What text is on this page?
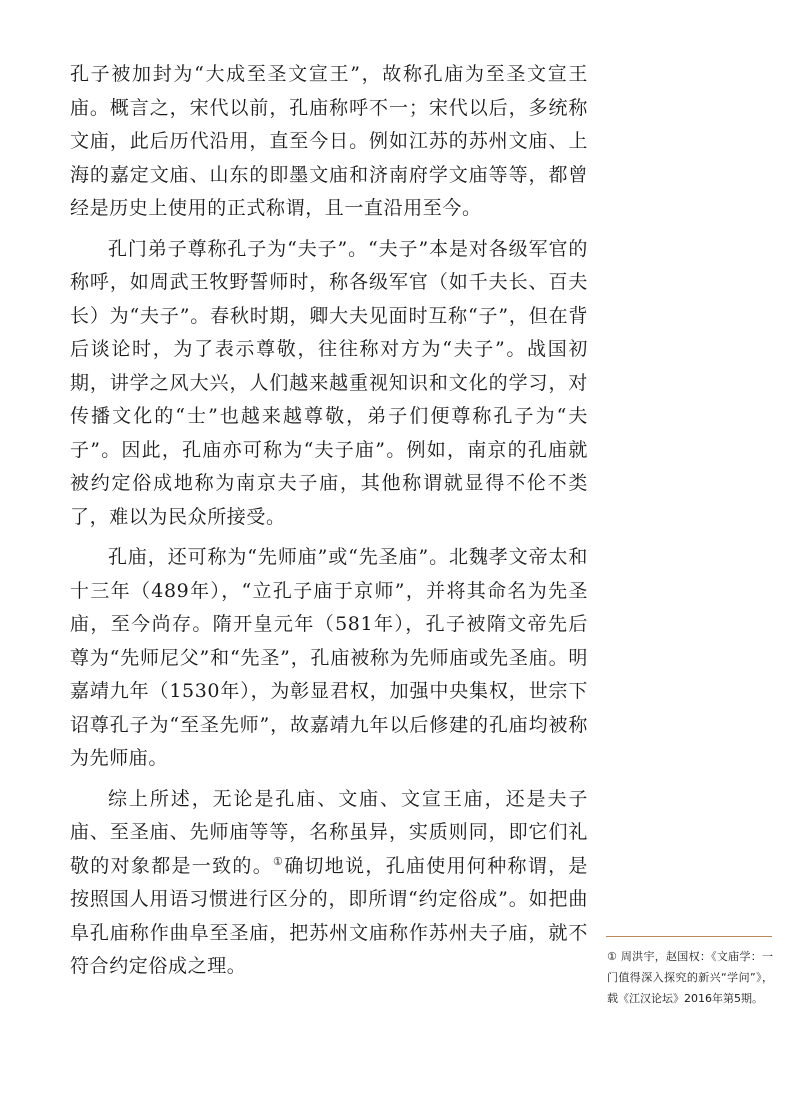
孔子被加封为“大成至圣文宣王”，故称孔庙为至圣文宣王庙。概言之，宋代以前，孔庙称呼不一；宋代以后，多统称文庙，此后历代沿用，直至今日。例如江苏的苏州文庙、上海的嘉定文庙、山东的即墨文庙和济南府学文庙等等，都曾经是历史上使用的正式称谓，且一直沿用至今。

孔门弟子尊称孔子为“夫子”。“夫子”本是对各级军官的称呼，如周武王牧野誓师时，称各级军官（如千夫长、百夫长）为“夫子”。春秋时期，卿大夫见面时互称“子”，但在背后谈论时，为了表示尊敬，往往称对方为“夫子”。战国初期，讲学之风大兴，人们越来越重视知识和文化的学习，对传播文化的“士”也越来越尊敬，弟子们便尊称孔子为“夫子”。因此，孔庙亦可称为“夫子庙”。例如，南京的孔庙就被约定俗成地称为南京夫子庙，其他称谓就显得不伦不类了，难以为民众所接受。

孔庙，还可称为“先师庙”或“先圣庙”。北魏孝文帝太和十三年（489年），“立孔子庙于京师”，并将其命名为先圣庙，至今尚存。隋开皇元年（581年），孔子被隋文帝先后尊为“先师尼父”和“先圣”，孔庙被称为先师庙或先圣庙。明嘉靖九年（1530年），为彰显君权，加强中央集权，世宗下诏尊孔子为“至圣先师”，故嘉靖九年以后修建的孔庙均被称为先师庙。

综上所述，无论是孔庙、文庙、文宣王庙，还是夫子庙、至圣庙、先师庙等等，名称虽异，实质则同，即它们礼敬的对象都是一致的。①确切地说，孔庙使用何种称谓，是按照国人用语习惯进行区分的，即所谓“约定俗成”。如把曲阜孔庙称作曲阜至圣庙，把苏州文庙称作苏州夫子庙，就不符合约定俗成之理。	① 周洪宇，赵国权：《文庙学：一门值得深入探究的新兴“学问”》，载《江汉论坛》2016年第5期。
